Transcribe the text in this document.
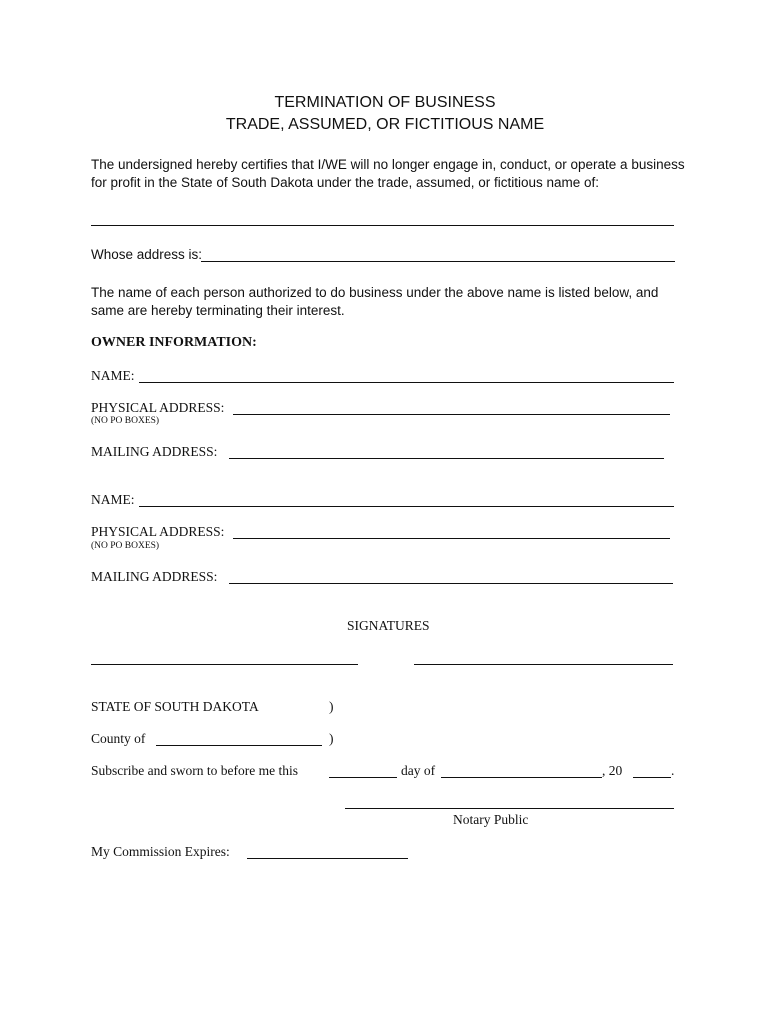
TERMINATION OF BUSINESS
TRADE, ASSUMED, OR FICTITIOUS NAME
The undersigned hereby certifies that I/WE will no longer engage in, conduct, or operate a business
for profit in the State of South Dakota under the trade, assumed, or fictitious name of:
Whose address is:
The name of each person authorized to do business under the above name is listed below, and
same are hereby terminating their interest.
OWNER INFORMATION:
NAME:
PHYSICAL ADDRESS:
(NO PO BOXES)
MAILING ADDRESS:
NAME:
PHYSICAL ADDRESS:
(NO PO BOXES)
MAILING ADDRESS:
SIGNATURES
STATE OF SOUTH DAKOTA	)
County of	)
Subscribe and sworn to before me this	day of	, 20	.
Notary Public
My Commission Expires:
